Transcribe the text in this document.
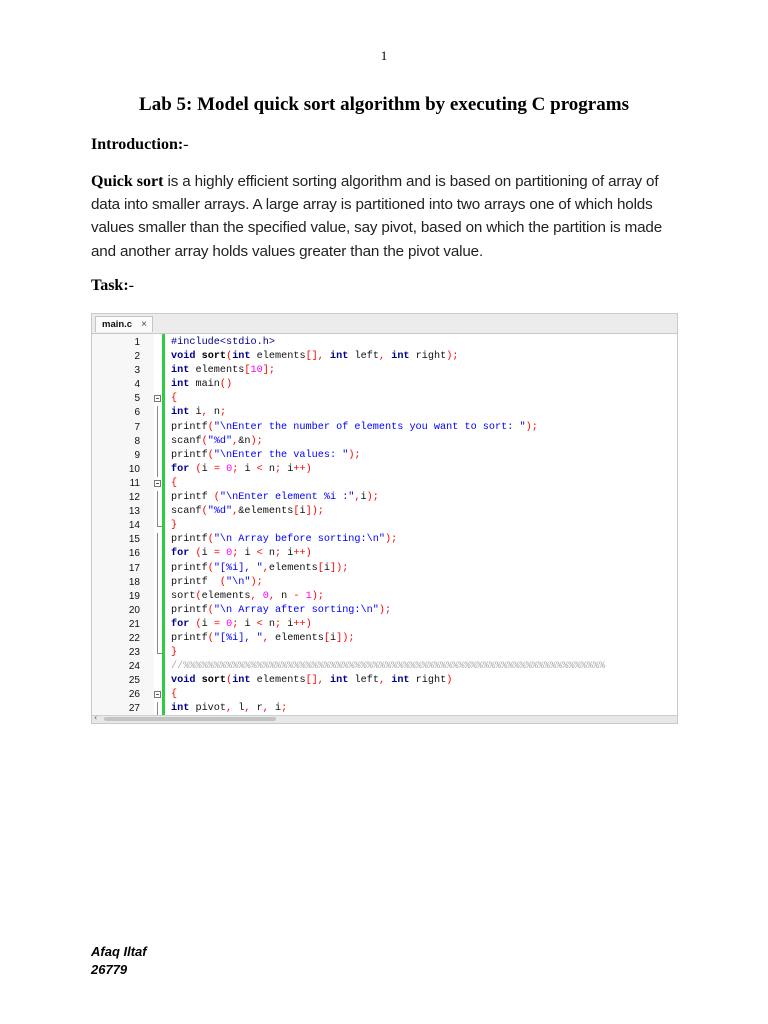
1
Lab 5: Model quick sort algorithm by executing C programs
Introduction:-
Quick sort is a highly efficient sorting algorithm and is based on partitioning of array of data into smaller arrays. A large array is partitioned into two arrays one of which holds values smaller than the specified value, say pivot, based on which the partition is made and another array holds values greater than the pivot value.
Task:-
main.c ×
1	#include<stdio.h>
2	void sort(int elements[], int left, int right);
3	int elements[10];
4	int main()
5	{
6	int i, n;
7	printf("\nEnter the number of elements you want to sort: ");
8	scanf("%d",&n);
9	printf("\nEnter the values: ");
10	for (i = 0; i < n; i++)
11	{
12	printf ("\nEnter element %i :",i);
13	scanf("%d",&elements[i]);
14	}
15	printf("\n Array before sorting:\n");
16	for (i = 0; i < n; i++)
17	printf("[%i], ",elements[i]);
18	printf  ("\n");
19	sort(elements, 0, n - 1);
20	printf("\n Array after sorting:\n");
21	for (i = 0; i < n; i++)
22	printf("[%i], ", elements[i]);
23	}
24	//%%%%%%%%%%%%%%%%%%%%%%%%%%%%%%%%%%%%%%%%%%%%%%%%%%%%%%%%%%%%%%%%%%%%%
25	void sort(int elements[], int left, int right)
26	{
27	int pivot, l, r, i;
‹
Afaq Iltaf
26779
